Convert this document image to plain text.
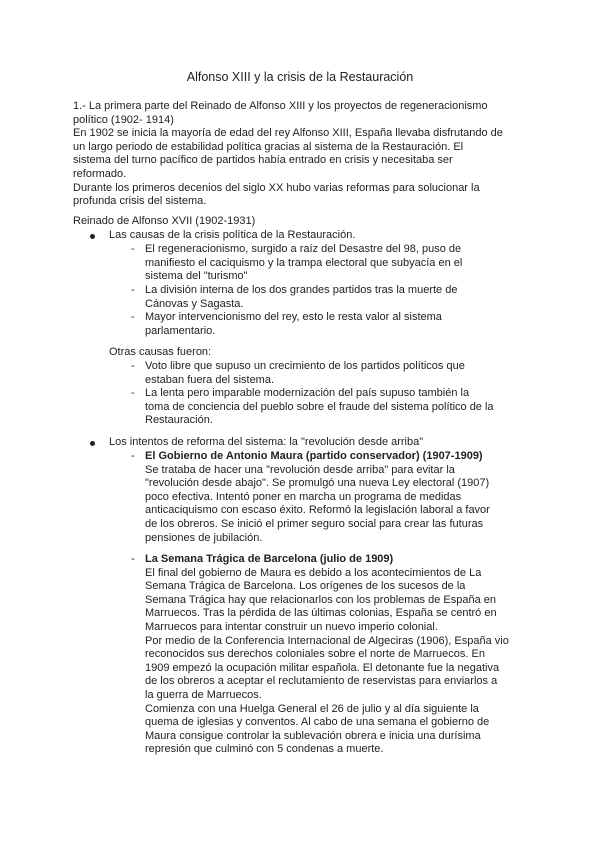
Alfonso XIII y la crisis de la Restauración

1.- La primera parte del Reinado de Alfonso XIII y los proyectos de regeneracionismo

político (1902- 1914)

En 1902 se inicia la mayoría de edad del rey Alfonso XIII, España llevaba disfrutando de

un largo periodo de estabilidad política gracias al sistema de la Restauración. El

sistema del turno pacífico de partidos había entrado en crisis y necesitaba ser

reformado.

Durante los primeros decenios del siglo XX hubo varias reformas para solucionar la

profunda crisis del sistema.

Reinado de Alfonso XVII (1902-1931)
Las causas de la crisis política de la Restauración.
- El regeneracionismo, surgido a raíz del Desastre del 98, puso de

manifiesto el caciquismo y la trampa electoral que subyacía en el

sistema del "turismo"

- La división interna de los dos grandes partidos tras la muerte de

Cánovas y Sagasta.

- Mayor intervencionismo del rey, esto le resta valor al sistema

parlamentario.

Otras causas fueron:
- Voto libre que supuso un crecimiento de los partidos políticos que

estaban fuera del sistema.

- La lenta pero imparable modernización del país supuso también la

toma de conciencia del pueblo sobre el fraude del sistema político de la

Restauración.

Los intentos de reforma del sistema: la "revolución desde arriba"
- El Gobierno de Antonio Maura (partido conservador) (1907-1909)

Se trataba de hacer una "revolución desde arriba" para evitar la

"revolución desde abajo". Se promulgó una nueva Ley electoral (1907)

poco efectiva. Intentó poner en marcha un programa de medidas

anticaciquismo con escaso éxito. Reformó la legislación laboral a favor

de los obreros. Se inició el primer seguro social para crear las futuras

pensiones de jubilación.

- La Semana Trágica de Barcelona (julio de 1909)

El final del gobierno de Maura es debido a los acontecimientos de La

Semana Trágica de Barcelona. Los orígenes de los sucesos de la

Semana Trágica hay que relacionarlos con los problemas de España en

Marruecos. Tras la pérdida de las últimas colonias, España se centró en

Marruecos para intentar construir un nuevo imperio colonial.

Por medio de la Conferencia Internacional de Algeciras (1906), España vio

reconocidos sus derechos coloniales sobre el norte de Marruecos. En

1909 empezó la ocupación militar española. El detonante fue la negativa

de los obreros a aceptar el reclutamiento de reservistas para enviarlos a

la guerra de Marruecos.

Comienza con una Huelga General el 26 de julio y al día siguiente la

quema de iglesias y conventos. Al cabo de una semana el gobierno de

Maura consigue controlar la sublevación obrera e inicia una durísima

represión que culminó con 5 condenas a muerte.
